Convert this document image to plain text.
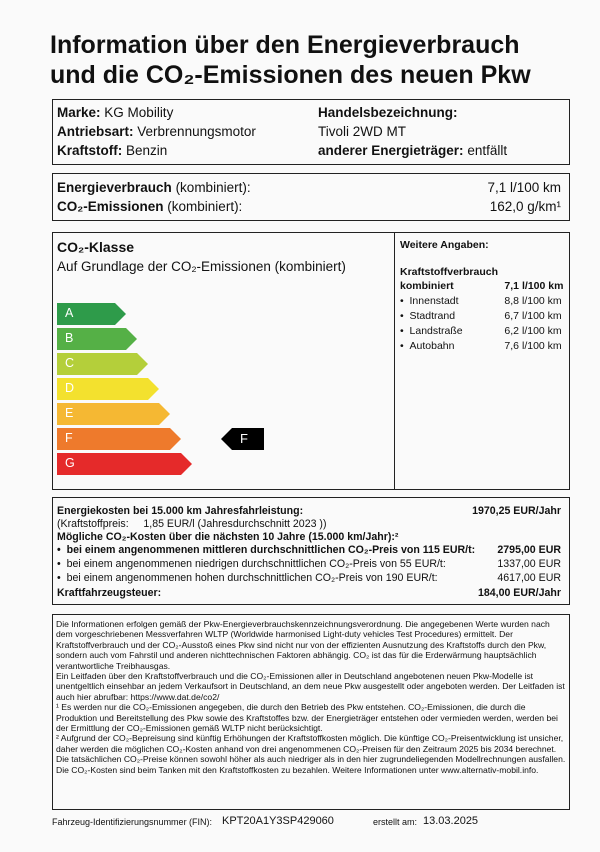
Information über den Energieverbrauch
und die CO₂-Emissionen des neuen Pkw
Marke: KG Mobility
Antriebsart: Verbrennungsmotor
Kraftstoff: Benzin
Handelsbezeichnung:
Tivoli 2WD MT
anderer Energieträger: entfällt
Energieverbrauch (kombiniert):	7,1 l/100 km
CO₂-Emissionen (kombiniert):	162,0 g/km¹
CO₂-Klasse
Auf Grundlage der CO₂-Emissionen (kombiniert)
A
B
C
D
E
F
G
F
Weitere Angaben:
Kraftstoffverbrauch
kombiniert	7,1 l/100 km
•  Innenstadt	8,8 l/100 km
•  Stadtrand	6,7 l/100 km
•  Landstraße	6,2 l/100 km
•  Autobahn	7,6 l/100 km
Energiekosten bei 15.000 km Jahresfahrleistung:	1970,25 EUR/Jahr
(Kraftstoffpreis: 1,85 EUR/l (Jahresdurchschnitt 2023 ))
Mögliche CO₂-Kosten über die nächsten 10 Jahre (15.000 km/Jahr):²
•  bei einem angenommenen mittleren durchschnittlichen CO₂-Preis von 115 EUR/t: 2795,00 EUR
•  bei einem angenommenen niedrigen durchschnittlichen CO₂-Preis von 55 EUR/t:	1337,00 EUR
•  bei einem angenommenen hohen durchschnittlichen CO₂-Preis von 190 EUR/t:	4617,00 EUR
Kraftfahrzeugsteuer:	184,00 EUR/Jahr
Die Informationen erfolgen gemäß der Pkw-Energieverbrauchskennzeichnungsverordnung. Die angegebenen Werte wurden nach dem vorgeschriebenen Messverfahren WLTP (Worldwide harmonised Light-duty vehicles Test Procedures) ermittelt. Der Kraftstoffverbrauch und der CO₂-Ausstoß eines Pkw sind nicht nur von der effizienten Ausnutzung des Kraftstoffs durch den Pkw, sondern auch vom Fahrstil und anderen nichttechnischen Faktoren abhängig. CO₂ ist das für die Erderwärmung hauptsächlich verantwortliche Treibhausgas.
Ein Leitfaden über den Kraftstoffverbrauch und die CO₂-Emissionen aller in Deutschland angebotenen neuen Pkw-Modelle ist unentgeltlich einsehbar an jedem Verkaufsort in Deutschland, an dem neue Pkw ausgestellt oder angeboten werden. Der Leitfaden ist auch hier abrufbar: https://www.dat.de/co2/
¹ Es werden nur die CO₂-Emissionen angegeben, die durch den Betrieb des Pkw entstehen. CO₂-Emissionen, die durch die Produktion und Bereitstellung des Pkw sowie des Kraftstoffes bzw. der Energieträger entstehen oder vermieden werden, werden bei der Ermittlung der CO₂-Emissionen gemäß WLTP nicht berücksichtigt.
² Aufgrund der CO₂-Bepreisung sind künftig Erhöhungen der Kraftstoffkosten möglich. Die künftige CO₂-Preisentwicklung ist unsicher, daher werden die möglichen CO₂-Kosten anhand von drei angenommenen CO₂-Preisen für den Zeitraum 2025 bis 2034 berechnet. Die tatsächlichen CO₂-Preise können sowohl höher als auch niedriger als in den hier zugrundeliegenden Modellrechnungen ausfallen. Die CO₂-Kosten sind beim Tanken mit den Kraftstoffkosten zu bezahlen. Weitere Informationen unter www.alternativ-mobil.info.
Fahrzeug-Identifizierungsnummer (FIN): KPT20A1Y3SP429060	erstellt am: 13.03.2025
